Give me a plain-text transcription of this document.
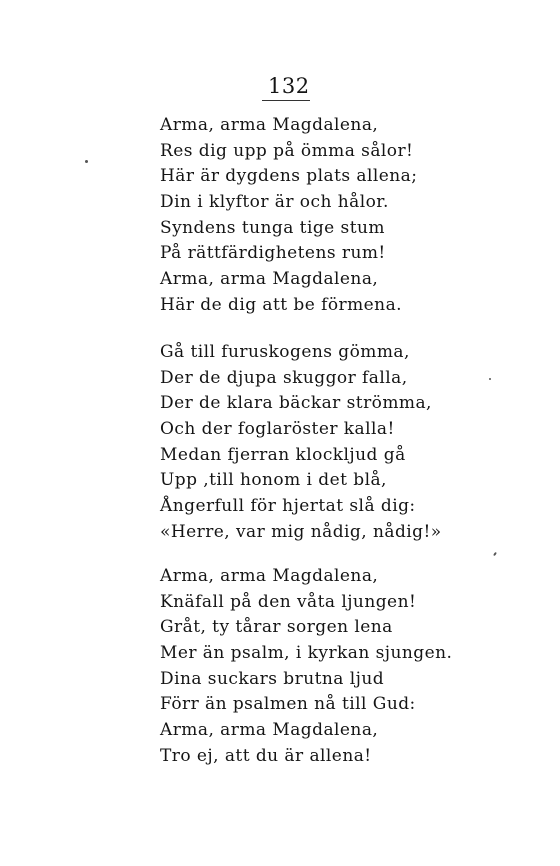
132
Arma, arma Magdalena,
Res dig upp på ömma sålor!
Här är dygdens plats allena;
Din i klyftor är och hålor.
Syndens tunga tige stum
På rättfärdighetens rum!
Arma, arma Magdalena,
Här de dig att be förmena.
Gå till furuskogens gömma,
Der de djupa skuggor falla,
Der de klara bäckar strömma,
Och der foglaröster kalla!
Medan fjerran klockljud gå
Upp ,till honom i det blå,
Ångerfull för hjertat slå dig:
«Herre, var mig nådig, nådig!»
Arma, arma Magdalena,
Knäfall på den våta ljungen!
Gråt, ty tårar sorgen lena
Mer än psalm, i kyrkan sjungen.
Dina suckars brutna ljud
Förr än psalmen nå till Gud:
Arma, arma Magdalena,
Tro ej, att du är allena!
